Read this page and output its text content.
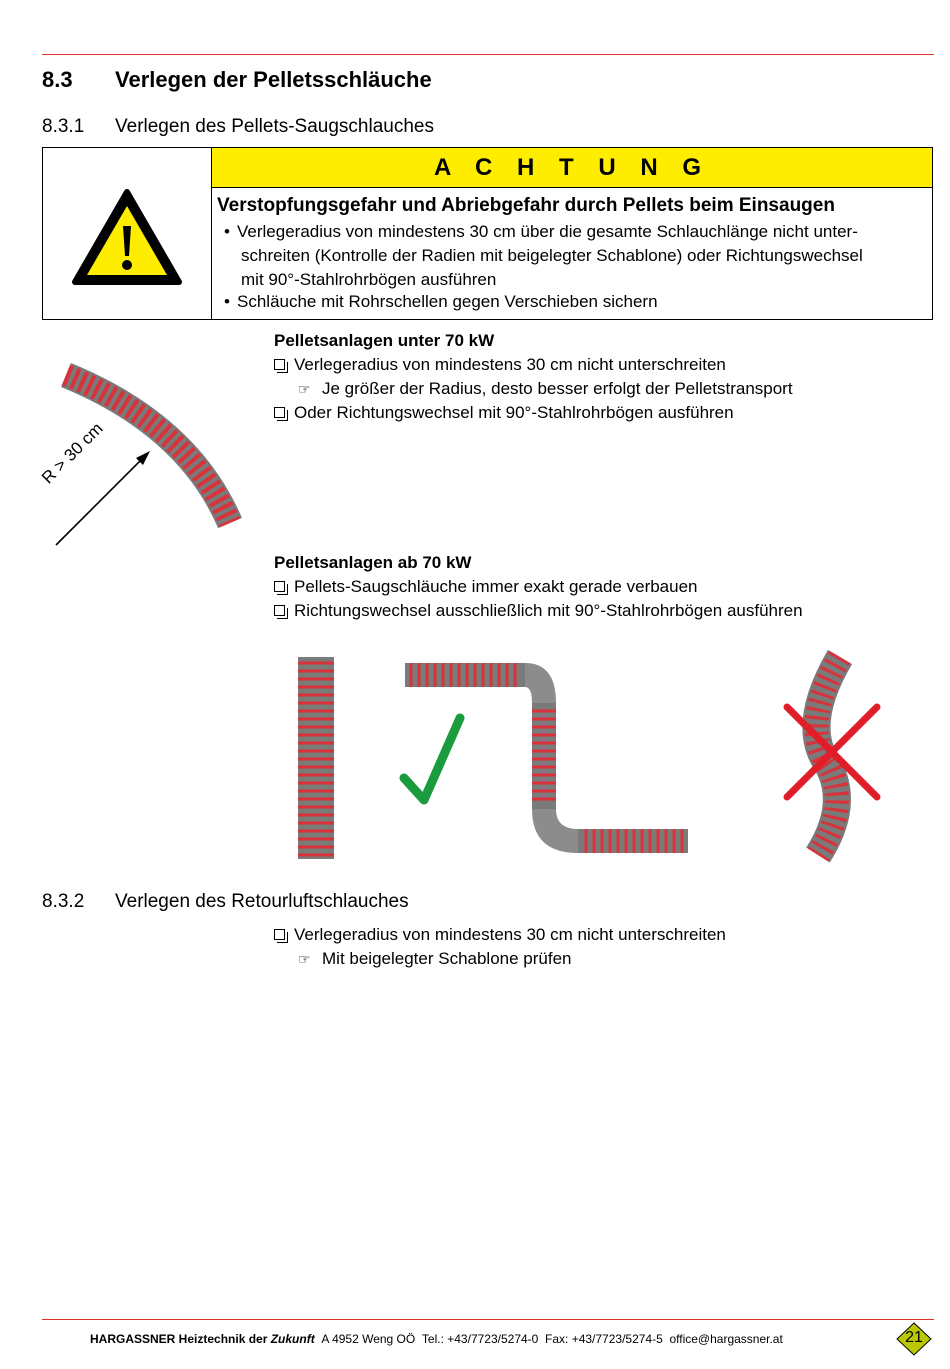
8.3 Verlegen der Pelletsschläuche
8.3.1 Verlegen des Pellets-Saugschlauches
A C H T U N G
Verstopfungsgefahr und Abriebgefahr durch Pellets beim Einsaugen
• Verlegeradius von mindestens 30 cm über die gesamte Schlauchlänge nicht unter-
schreiten (Kontrolle der Radien mit beigelegter Schablone) oder Richtungswechsel
mit 90°-Stahlrohrbögen ausführen
• Schläuche mit Rohrschellen gegen Verschieben sichern
R > 30 cm
Pelletsanlagen unter 70 kW
Verlegeradius von mindestens 30 cm nicht unterschreiten
☞ Je größer der Radius, desto besser erfolgt der Pelletstransport
Oder Richtungswechsel mit 90°-Stahlrohrbögen ausführen
Pelletsanlagen ab 70 kW
Pellets-Saugschläuche immer exakt gerade verbauen
Richtungswechsel ausschließlich mit 90°-Stahlrohrbögen ausführen
8.3.2 Verlegen des Retourluftschlauches
Verlegeradius von mindestens 30 cm nicht unterschreiten
☞ Mit beigelegter Schablone prüfen
HARGASSNER Heiztechnik der Zukunft A 4952 Weng OÖ Tel.: +43/7723/5274-0 Fax: +43/7723/5274-5 office@hargassner.at	21
